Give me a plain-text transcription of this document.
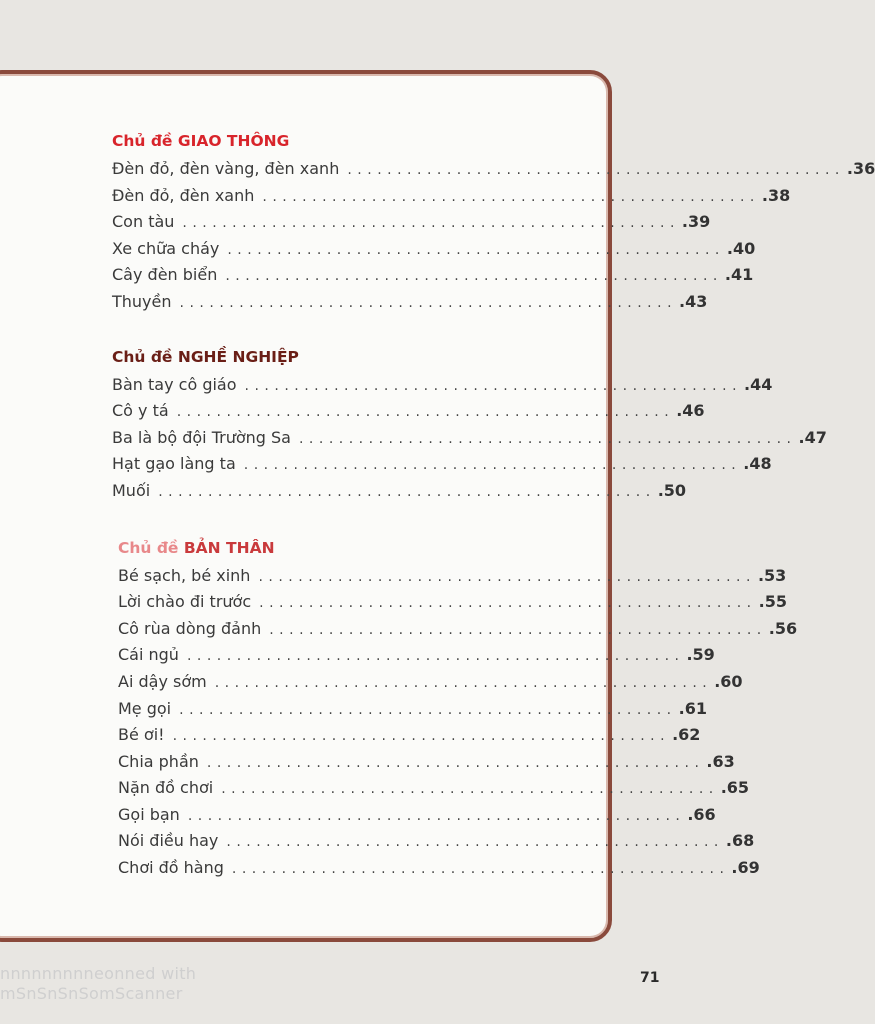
Chủ đề GIAO THÔNG
Đèn đỏ, đèn vàng, đèn xanh .................................................. .36
Đèn đỏ, đèn xanh .................................................. .38
Con tàu .................................................. .39
Xe chữa cháy .................................................. .40
Cây đèn biển .................................................. .41
Thuyền .................................................. .43
Chủ đề NGHỀ NGHIỆP
Bàn tay cô giáo .................................................. .44
Cô y tá .................................................. .46
Ba là bộ đội Trường Sa .................................................. .47
Hạt gạo làng ta .................................................. .48
Muối .................................................. .50
Chủ đề BẢN THÂN
Bé sạch, bé xinh .................................................. .53
Lời chào đi trước .................................................. .55
Cô rùa dòng đảnh .................................................. .56
Cái ngủ .................................................. .59
Ai dậy sớm .................................................. .60
Mẹ gọi .................................................. .61
Bé ơi! .................................................. .62
Chia phần .................................................. .63
Nặn đồ chơi .................................................. .65
Gọi bạn .................................................. .66
Nói điều hay .................................................. .68
Chơi đồ hàng .................................................. .69
nnnnnnnnneonned with
mSnSnSnSomScanner
71
